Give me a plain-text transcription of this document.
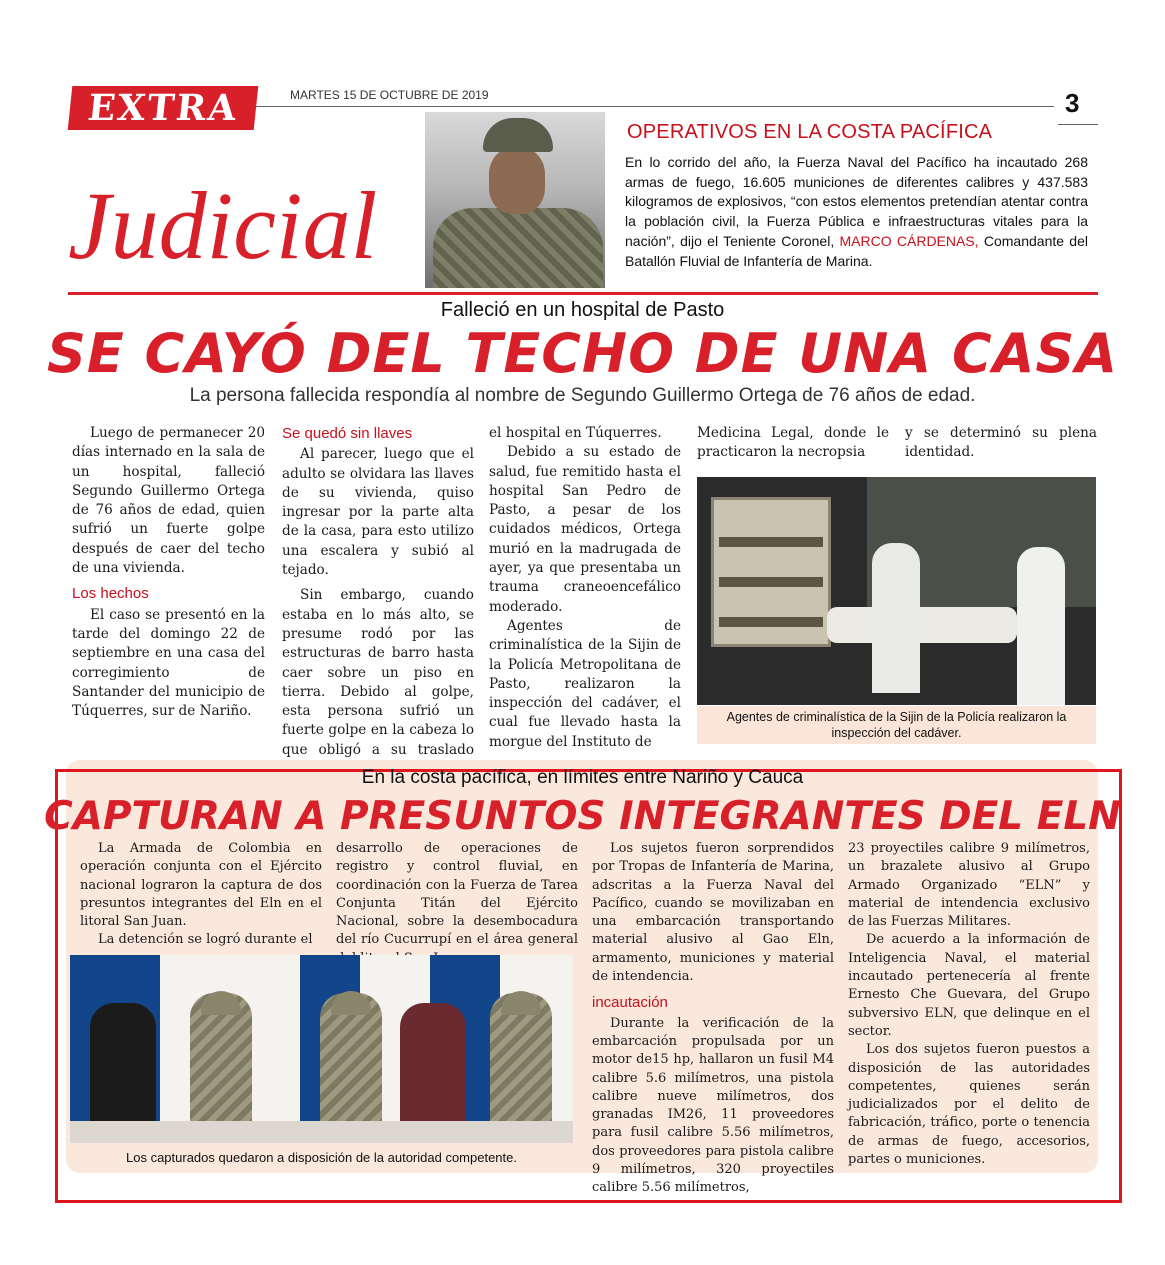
EXTRA	MARTES 15 DE OCTUBRE DE 2019	3
Judicial
OPERATIVOS EN LA COSTA PACÍFICA
En lo corrido del año, la Fuerza Naval del Pacífico ha incautado 268 armas de fuego, 16.605 municiones de diferentes calibres y 437.583 kilogramos de explosivos, “con estos elementos pretendían atentar contra la población civil, la Fuerza Pública e infraestructuras vitales para la nación”, dijo el Teniente Coronel, MARCO CÁRDENAS, Comandante del Batallón Fluvial de Infantería de Marina.
Falleció en un hospital de Pasto
SE CAYÓ DEL TECHO DE UNA CASA
La persona fallecida respondía al nombre de Segundo Guillermo Ortega de 76 años de edad.

Luego de permanecer 20 días internado en la sala de un hospital, falleció Segundo Guillermo Ortega de 76 años de edad, quien sufrió un fuerte golpe después de caer del techo de una vivienda.

Los hechos

El caso se presentó en la tarde del domingo 22 de septiembre en una casa del corregimiento de Santander del municipio de Túquerres, sur de Nariño.

Se quedó sin llaves

Al parecer, luego que el adulto se olvidara las llaves de su vivienda, quiso ingresar por la parte alta de la casa, para esto utilizo una escalera y subió al tejado.

Sin embargo, cuando estaba en lo más alto, se presume rodó por las estructuras de barro hasta caer sobre un piso en tierra. Debido al golpe, esta persona sufrió un fuerte golpe en la cabeza lo que obligó a su traslado

el hospital en Túquerres.

Debido a su estado de salud, fue remitido hasta el hospital San Pedro de Pasto, a pesar de los cuidados médicos, Ortega murió en la madrugada de ayer, ya que presentaba un trauma craneoencefálico moderado.

Agentes de criminalística de la Sijin de la Policía Metropolitana de Pasto, realizaron la inspección del cadáver, el cual fue llevado hasta la morgue del Instituto de

Medicina Legal, donde le practicaron la necropsia

y se determinó su plena identidad.

Agentes de criminalística de la Sijin de la Policía realizaron la inspección del cadáver.
En la costa pacífica, en límites entre Nariño y Cauca
CAPTURAN A PRESUNTOS INTEGRANTES DEL ELN

La Armada de Colombia en operación conjunta con el Ejército nacional lograron la captura de dos presuntos integrantes del Eln en el litoral San Juan.

La detención se logró durante el

desarrollo de operaciones de registro y control fluvial, en coordinación con la Fuerza de Tarea Conjunta Titán del Ejército Nacional, sobre la desembocadura del río Cucurrupí en el área general

Los sujetos fueron sorprendidos por Tropas de Infantería de Marina, adscritas a la Fuerza Naval del Pacífico, cuando se movilizaban en una embarcación transportando material alusivo al Gao Eln, armamento, municiones y material de intendencia.

incautación

Durante la verificación de la embarcación propulsada por un motor de15 hp, hallaron un fusil M4 calibre 5.6 milímetros, una pistola calibre nueve milímetros, dos granadas IM26, 11 proveedores para fusil calibre 5.56 milímetros, dos proveedores para pistola calibre 9 milímetros, 320 proyectiles calibre 5.56 milímetros,

23 proyectiles calibre 9 milímetros, un brazalete alusivo al Grupo Armado Organizado “ELN” y material de intendencia exclusivo de las Fuerzas Militares.

De acuerdo a la información de Inteligencia Naval, el material incautado pertenecería al frente Ernesto Che Guevara, del Grupo subversivo ELN, que delinque en el sector.

Los dos sujetos fueron puestos a disposición de las autoridades competentes, quienes serán judicializados por el delito de fabricación, tráfico, porte o tenencia de armas de fuego, accesorios, partes o municiones.

Los capturados quedaron a disposición de la autoridad competente.
